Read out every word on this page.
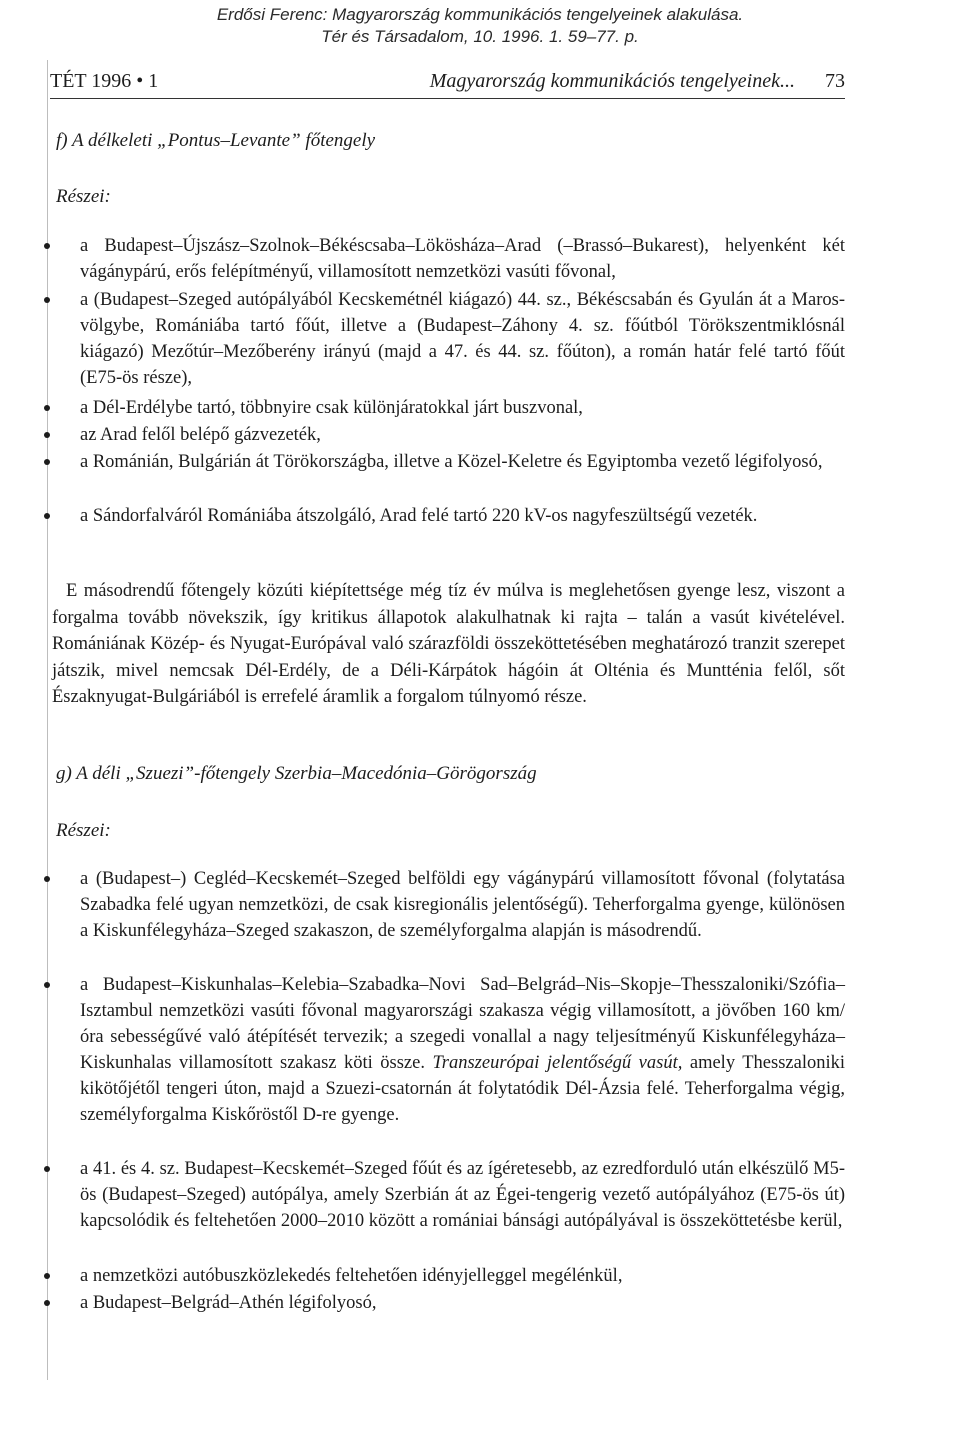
Erdősi Ferenc: Magyarország kommunikációs tengelyeinek alakulása.
Tér és Társadalom, 10. 1996. 1. 59–77. p.
TÉT 1996 • 1	Magyarország kommunikációs tengelyeinek... 73
f) A délkeleti „Pontus–Levante” főtengely
Részei:
a Budapest–Újszász–Szolnok–Békéscsaba–Lökösháza–Arad (–Brassó–Bukarest), helyenként két vágánypárú, erős felépítményű, villamosított nemzetközi vasúti fővonal,
a (Budapest–Szeged autópályából Kecskemétnél kiágazó) 44. sz., Békéscsabán és Gyulán át a Maros-völgybe, Romániába tartó főút, illetve a (Budapest–Záhony 4. sz. főútból Törökszentmiklósnál kiágazó) Mezőtúr–Mezőberény irányú (majd a 47. és 44. sz. főúton), a román határ felé tartó főút (E75-ös része),
a Dél-Erdélybe tartó, többnyire csak különjáratokkal járt buszvonal,
az Arad felől belépő gázvezeték,
a Románián, Bulgárián át Törökországba, illetve a Közel-Keletre és Egyiptomba vezető légifolyosó,
a Sándorfalváról Romániába átszolgáló, Arad felé tartó 220 kV-os nagyfeszültségű vezeték.
E másodrendű főtengely közúti kiépítettsége még tíz év múlva is meglehetősen gyenge lesz, viszont a forgalma tovább növekszik, így kritikus állapotok alakulhatnak ki rajta – talán a vasút kivételével. Romániának Közép- és Nyugat-Európával való szárazföldi összeköttetésében meghatározó tranzit szerepet játszik, mivel nemcsak Dél-Erdély, de a Déli-Kárpátok hágóin át Olténia és Muntténia felől, sőt Északnyugat-Bulgáriából is errefelé áramlik a forgalom túlnyomó része.
g) A déli „Szuezi”-főtengely Szerbia–Macedónia–Görögország
Részei:
a (Budapest–) Cegléd–Kecskemét–Szeged belföldi egy vágánypárú villamosított fővonal (folytatása Szabadka felé ugyan nemzetközi, de csak kisregionális jelentőségű). Teherforgalma gyenge, különösen a Kiskunfélegyháza–Szeged szakaszon, de személyforgalma alapján is másodrendű.
a Budapest–Kiskunhalas–Kelebia–Szabadka–Novi Sad–Belgrád–Nis–Skopje–Thesszaloniki/Szófia–Isztambul nemzetközi vasúti fővonal magyarországi szakasza végig villamosított, a jövőben 160 km/óra sebességűvé való átépítését tervezik; a szegedi vonallal a nagy teljesítményű Kiskunfélegyháza–Kiskunhalas villamosított szakasz köti össze. Transzeurópai jelentőségű vasút, amely Thesszaloniki kikötőjétől tengeri úton, majd a Szuezi-csatornán át folytatódik Dél-Ázsia felé. Teherforgalma végig, személyforgalma Kiskőröstől D-re gyenge.
a 41. és 4. sz. Budapest–Kecskemét–Szeged főút és az ígéretesebb, az ezredforduló után elkészülő M5-ös (Budapest–Szeged) autópálya, amely Szerbián át az Égei-tengerig vezető autópályához (E75-ös út) kapcsolódik és feltehetően 2000–2010 között a romániai bánsági autópályával is összeköttetésbe kerül,
a nemzetközi autóbuszközlekedés feltehetően idényjelleggel megélénkül,
a Budapest–Belgrád–Athén légifolyosó,
